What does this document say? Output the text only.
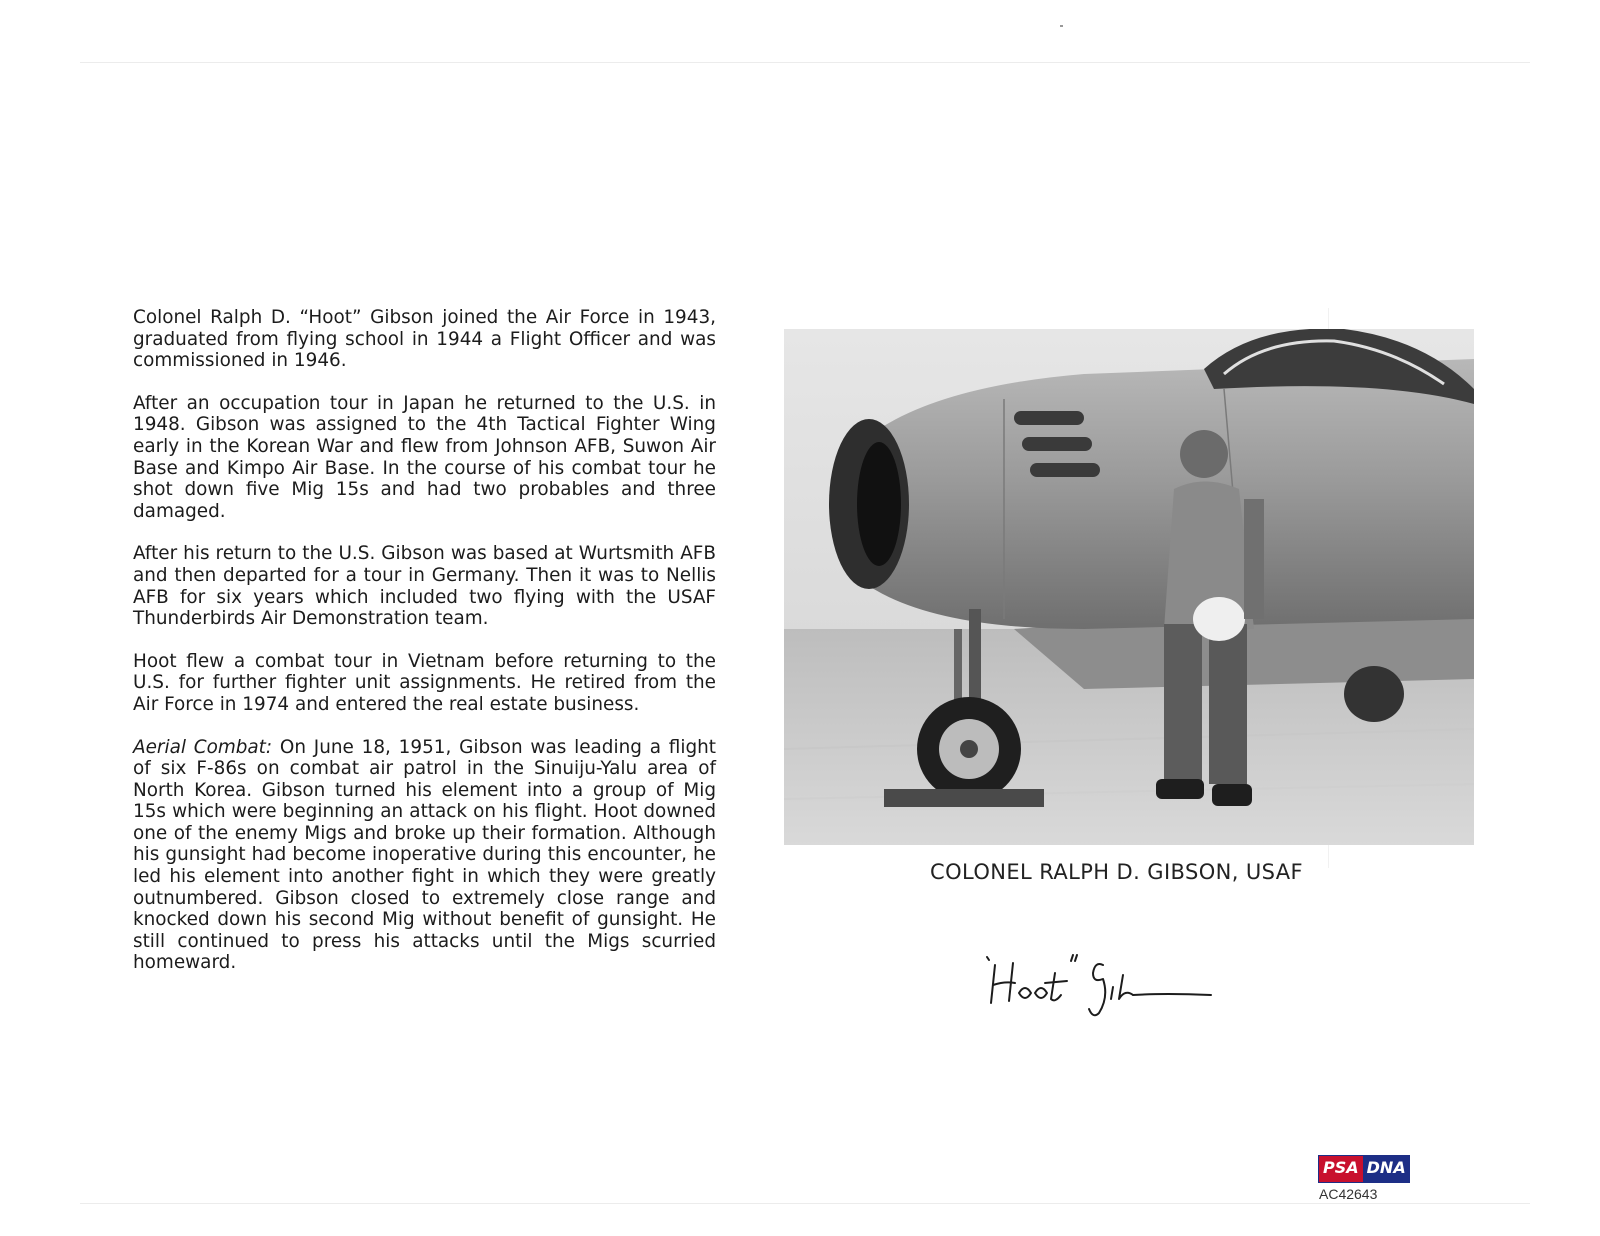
Colonel Ralph D. “Hoot” Gibson joined the Air Force in 1943, graduated from flying school in 1944 a Flight Officer and was commissioned in 1946.

After an occupation tour in Japan he returned to the U.S. in 1948. Gibson was assigned to the 4th Tactical Fighter Wing early in the Korean War and flew from Johnson AFB, Suwon Air Base and Kimpo Air Base. In the course of his combat tour he shot down five Mig 15s and had two probables and three damaged.

After his return to the U.S. Gibson was based at Wurtsmith AFB and then departed for a tour in Germany. Then it was to Nellis AFB for six years which included two flying with the USAF Thunderbirds Air Demonstration team.

Hoot flew a combat tour in Vietnam before returning to the U.S. for further fighter unit assignments. He retired from the Air Force in 1974 and entered the real estate business.

Aerial Combat: On June 18, 1951, Gibson was leading a flight of six F-86s on combat air patrol in the Sinuiju-Yalu area of North Korea. Gibson turned his element into a group of Mig 15s which were beginning an attack on his flight. Hoot downed one of the enemy Migs and broke up their formation. Although his gunsight had become inoperative during this encounter, he led his element into another fight in which they were greatly outnumbered. Gibson closed to extremely close range and knocked down his second Mig without benefit of gunsight. He still continued to press his attacks until the Migs scurried homeward.

COLONEL RALPH D. GIBSON, USAF
PSA DNA
AC42643
